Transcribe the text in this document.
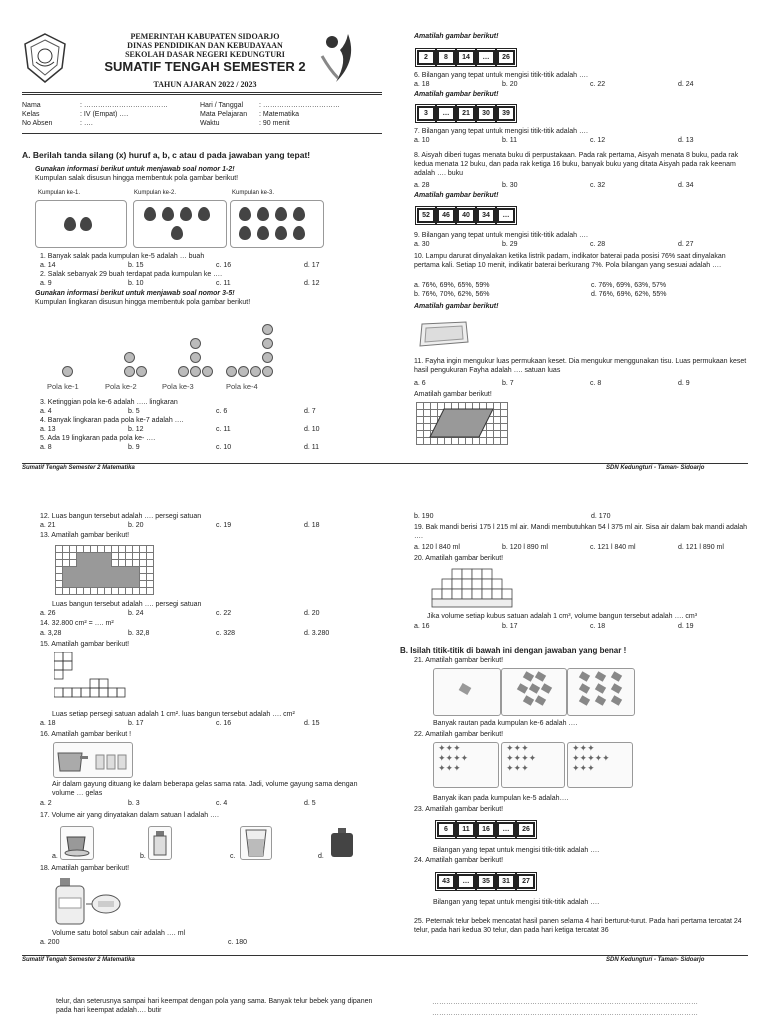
PEMERINTAH KABUPATEN SIDOARJO
DINAS PENDIDIKAN DAN KEBUDAYAAN
SEKOLAH DASAR NEGERI KEDUNGTURI
SUMATIF TENGAH SEMESTER 2
TAHUN AJARAN 2022 / 2023
Nama	: ………………………………
Kelas	: IV (Empat) ….
No Absen	: ….
Hari / Tanggal : ……………………………
Mata Pelajaran : Matematika
Waktu	: 90 menit
A. Berilah tanda silang (x) huruf a, b, c atau d pada jawaban yang tepat!
Gunakan informasi berikut untuk menjawab soal nomor 1-2!
Kumpulan salak disusun hingga membentuk pola gambar berikut!
Kumpulan ke-1.	Kumpulan ke-2.	Kumpulan ke-3.
1. Banyak salak pada kumpulan ke-5 adalah … buah
a. 14	b. 15	c. 16	d. 17
2. Salak sebanyak 29 buah terdapat pada kumpulan ke ….
a. 9	b. 10	c. 11	d. 12
Gunakan informasi berikut untuk menjawab soal nomor 3-5!
Kumpulan lingkaran disusun hingga membentuk pola gambar berikut!
Pola ke-1	Pola ke-2	Pola ke-3	Pola ke-4
3. Ketinggian pola ke-6 adalah ….. lingkaran
a. 4	b. 5	c. 6	d. 7
4. Banyak lingkaran pada pola ke-7 adalah ….
a. 13	b. 12	c. 11	d. 10
5. Ada 19 lingkaran pada pola ke- ….
a. 8	b. 9	c. 10	d. 11
Amatilah gambar berikut!
2	8	14	…	26
6. Bilangan yang tepat untuk mengisi titik-titik adalah ….
a. 18	b. 20	c. 22	d. 24
Amatilah gambar berikut!
3	…	21	30	39
7. Bilangan yang tepat untuk mengisi titik-titik adalah ….
a. 10	b. 11	c. 12	d. 13
8. Aisyah diberi tugas menata buku di perpustakaan. Pada rak pertama, Aisyah menata 8 buku, pada rak kedua menata 12 buku, dan pada rak ketiga 16 buku, banyak buku yang ditata Aisyah pada rak keenam adalah …. buku
a. 28	b. 30	c. 32	d. 34
Amatilah gambar berikut!
52	46	40	34	…
9. Bilangan yang tepat untuk mengisi titik-titik adalah ….
a. 30	b. 29	c. 28	d. 27
10. Lampu darurat dinyalakan ketika listrik padam, indikator baterai pada posisi 76% saat dinyalakan pertama kali. Setiap 10 menit, indikatir baterai berkurang 7%. Pola bilangan yang sesuai adalah ….
a. 76%, 69%, 65%, 59%	c. 76%, 69%, 63%, 57%
b. 76%, 70%, 62%, 56%	d. 76%, 69%, 62%, 55%
Amatilah gambar berikut!
11. Fayha ingin mengukur luas permukaan keset. Dia mengukur menggunakan tisu. Luas permukaan keset hasil pengukuran Fayha adalah …. satuan luas
a. 6	b. 7	c. 8	d. 9
Amatilah gambar berikut!
Sumatif Tengah Semester 2 Matematika	SDN Kedungturi - Taman- Sidoarjo
12. Luas bangun tersebut adalah …. persegi satuan
a. 21	b. 20	c. 19	d. 18
13. Amatilah gambar berikut!
Luas bangun tersebut adalah …. persegi satuan
a. 26	b. 24	c. 22	d. 20
14. 32.800 cm² = …. m²
a. 3,28	b. 32,8	c. 328	d. 3.280
15. Amatilah gambar berikut!
Luas setiap persegi satuan adalah 1 cm². luas bangun tersebut adalah …. cm²
a. 18	b. 17	c. 16	d. 15
16. Amatilah gambar berikut !
Air dalam gayung dituang ke dalam beberapa gelas sama rata. Jadi, volume gayung sama dengan volume … gelas
a. 2	b. 3	c. 4	d. 5
17. Volume air yang dinyatakan dalam satuan l adalah ….
a.	b.	c.	d.
18. Amatilah gambar berikut!
Volume satu botol sabun cair adalah …. ml
a. 200	c. 180
b. 190	d. 170
19. Bak mandi berisi 175 l 215 ml air. Mandi membutuhkan 54 l 375 ml air. Sisa air dalam bak mandi adalah ….
a. 120 l 840 ml	b. 120 l 890 ml	c. 121 l 840 ml	d. 121 l 890 ml
20. Amatilah gambar berikut!
Jika volume setiap kubus satuan adalah 1 cm³, volume bangun tersebut adalah …. cm³
a. 16	b. 17	c. 18	d. 19
B. Isilah titik-titik di bawah ini dengan jawaban yang benar !
21. Amatilah gambar berikut!
Banyak rautan pada kumpulan ke-6 adalah ….
22. Amatilah gambar berikut!
✦✦✦
✦✦✦✦
✦✦✦
✦✦✦
✦✦✦✦
✦✦✦
✦✦✦
✦✦✦✦✦
✦✦✦
Banyak ikan pada kumpulan ke-5 adalah….
23. Amatilah gambar berikut!
6	11	16	…	26
Bilangan yang tepat untuk mengisi titik-titik adalah ….
24. Amatilah gambar berikut!
43	…	35	31	27
Bilangan yang tepat untuk mengisi titik-titik adalah ….
25. Peternak telur bebek mencatat hasil panen selama 4 hari berturut-turut. Pada hari pertama tercatat 24 telur, pada hari kedua 30 telur, dan pada hari ketiga tercatat 36
Sumatif Tengah Semester 2 Matematika	SDN Kedungturi - Taman- Sidoarjo
telur, dan seterusnya sampai hari keempat dengan pola yang sama. Banyak telur bebek yang dipanen pada hari keempat adalah…. butir
……………………………………………………………………………………………………
……………………………………………………………………………………………………
